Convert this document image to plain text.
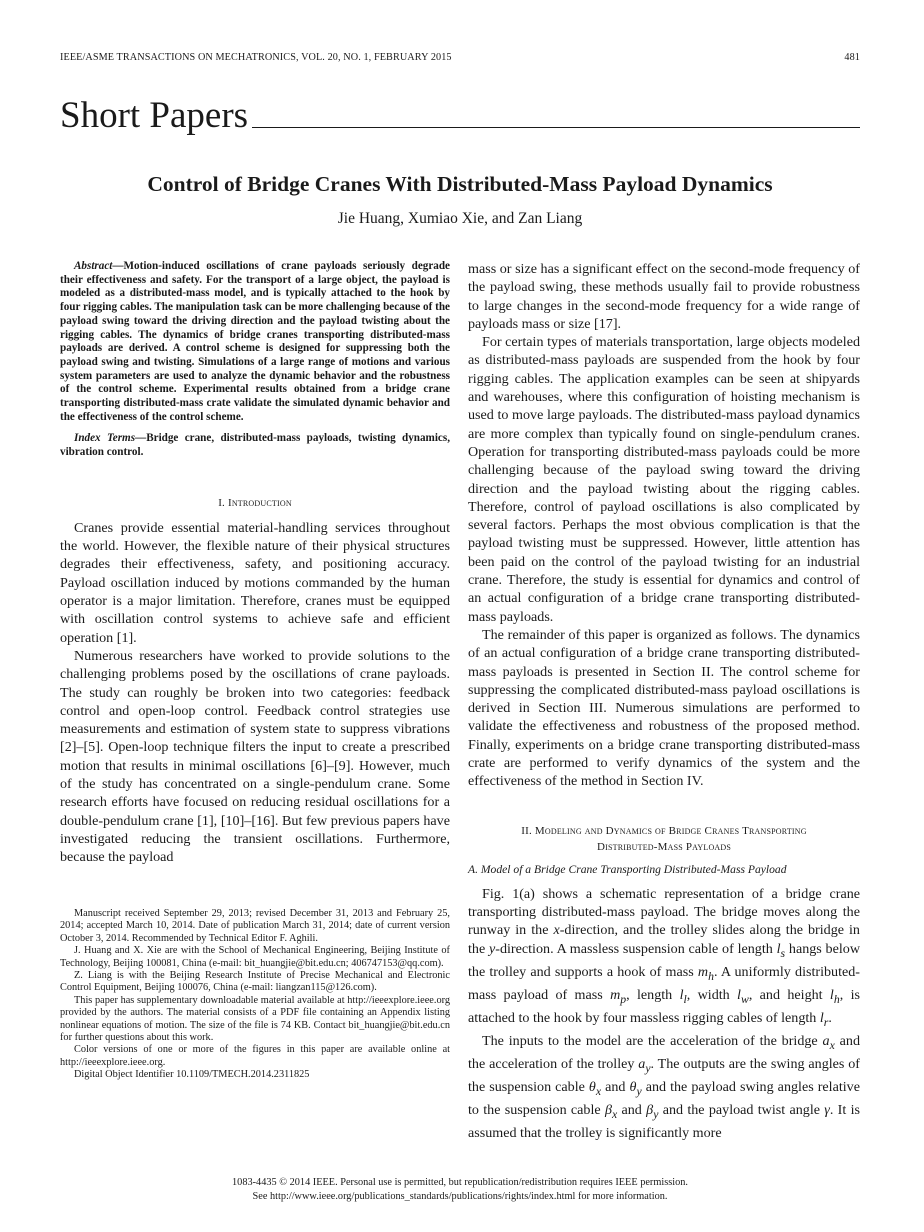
IEEE/ASME TRANSACTIONS ON MECHATRONICS, VOL. 20, NO. 1, FEBRUARY 2015	481
Short Papers
Control of Bridge Cranes With Distributed-Mass Payload Dynamics
Jie Huang, Xumiao Xie, and Zan Liang

Abstract—Motion-induced oscillations of crane payloads seriously degrade their effectiveness and safety. For the transport of a large object, the payload is modeled as a distributed-mass model, and is typically attached to the hook by four rigging cables. The manipulation task can be more challenging because of the payload swing toward the driving direction and the payload twisting about the rigging cables. The dynamics of bridge cranes transporting distributed-mass payloads are derived. A control scheme is designed for suppressing both the payload swing and twisting. Simulations of a large range of motions and various system parameters are used to analyze the dynamic behavior and the robustness of the control scheme. Experimental results obtained from a bridge crane transporting distributed-mass crate validate the simulated dynamic behavior and the effectiveness of the control scheme.

Index Terms—Bridge crane, distributed-mass payloads, twisting dynamics, vibration control.

I. Introduction

Cranes provide essential material-handling services throughout the world. However, the flexible nature of their physical structures degrades their effectiveness, safety, and positioning accuracy. Payload oscillation induced by motions commanded by the human operator is a major limitation. Therefore, cranes must be equipped with oscillation control systems to achieve safe and efficient operation [1].

Numerous researchers have worked to provide solutions to the challenging problems posed by the oscillations of crane payloads. The study can roughly be broken into two categories: feedback control and open-loop control. Feedback control strategies use measurements and estimation of system state to suppress vibrations [2]–[5]. Open-loop technique filters the input to create a prescribed motion that results in minimal oscillations [6]–[9]. However, much of the study has concentrated on a single-pendulum crane. Some research efforts have focused on reducing residual oscillations for a double-pendulum crane [1], [10]–[16]. But few previous papers have investigated reducing the transient oscillations. Furthermore, because the payload

Manuscript received September 29, 2013; revised December 31, 2013 and February 25, 2014; accepted March 10, 2014. Date of publication March 31, 2014; date of current version October 3, 2014. Recommended by Technical Editor F. Aghili.

J. Huang and X. Xie are with the School of Mechanical Engineering, Beijing Institute of Technology, Beijing 100081, China (e-mail: bit_huangjie@bit.edu.cn; 406747153@qq.com).

Z. Liang is with the Beijing Research Institute of Precise Mechanical and Electronic Control Equipment, Beijing 100076, China (e-mail: liangzan115@126.com).

This paper has supplementary downloadable material available at http://ieeexplore.ieee.org provided by the authors. The material consists of a PDF file containing an Appendix listing nonlinear equations of motion. The size of the file is 74 KB. Contact bit_huangjie@bit.edu.cn for further questions about this work.

Color versions of one or more of the figures in this paper are available online at http://ieeexplore.ieee.org.

Digital Object Identifier 10.1109/TMECH.2014.2311825

mass or size has a significant effect on the second-mode frequency of the payload swing, these methods usually fail to provide robustness to large changes in the second-mode frequency for a wide range of payloads mass or size [17].

For certain types of materials transportation, large objects modeled as distributed-mass payloads are suspended from the hook by four rigging cables. The application examples can be seen at shipyards and warehouses, where this configuration of hoisting mechanism is used to move large payloads. The distributed-mass payload dynamics are more complex than typically found on single-pendulum cranes. Operation for transporting distributed-mass payloads could be more challenging because of the payload swing toward the driving direction and the payload twisting about the rigging cables. Therefore, control of payload oscillations is also complicated by several factors. Perhaps the most obvious complication is that the payload twisting must be suppressed. However, little attention has been paid on the control of the payload twisting for an industrial crane. Therefore, the study is essential for dynamics and control of an actual configuration of a bridge crane transporting distributed-mass payloads.

The remainder of this paper is organized as follows. The dynamics of an actual configuration of a bridge crane transporting distributed-mass payloads is presented in Section II. The control scheme for suppressing the complicated distributed-mass payload oscillations is derived in Section III. Numerous simulations are performed to validate the effectiveness and robustness of the proposed method. Finally, experiments on a bridge crane transporting distributed-mass crate are performed to verify dynamics of the system and the effectiveness of the method in Section IV.

II. Modeling and Dynamics of Bridge Cranes Transporting
Distributed-Mass Payloads

A. Model of a Bridge Crane Transporting Distributed-Mass Payload

Fig. 1(a) shows a schematic representation of a bridge crane transporting distributed-mass payload. The bridge moves along the runway in the x-direction, and the trolley slides along the bridge in the y-direction. A massless suspension cable of length $l_s$ hangs below the trolley and supports a hook of mass $m_h$. A uniformly distributed-mass payload of mass $m_p$, length $l_l$, width $l_w$, and height $l_h$, is attached to the hook by four massless rigging cables of length $l_r$.

The inputs to the model are the acceleration of the bridge $a_x$ and the acceleration of the trolley $a_y$. The outputs are the swing angles of the suspension cable $\theta_x$ and $\theta_y$ and the payload swing angles relative to the suspension cable $\beta_x$ and $\beta_y$ and the payload twist angle γ. It is assumed that the trolley is significantly more

1083-4435 © 2014 IEEE. Personal use is permitted, but republication/redistribution requires IEEE permission.
See http://www.ieee.org/publications_standards/publications/rights/index.html for more information.
